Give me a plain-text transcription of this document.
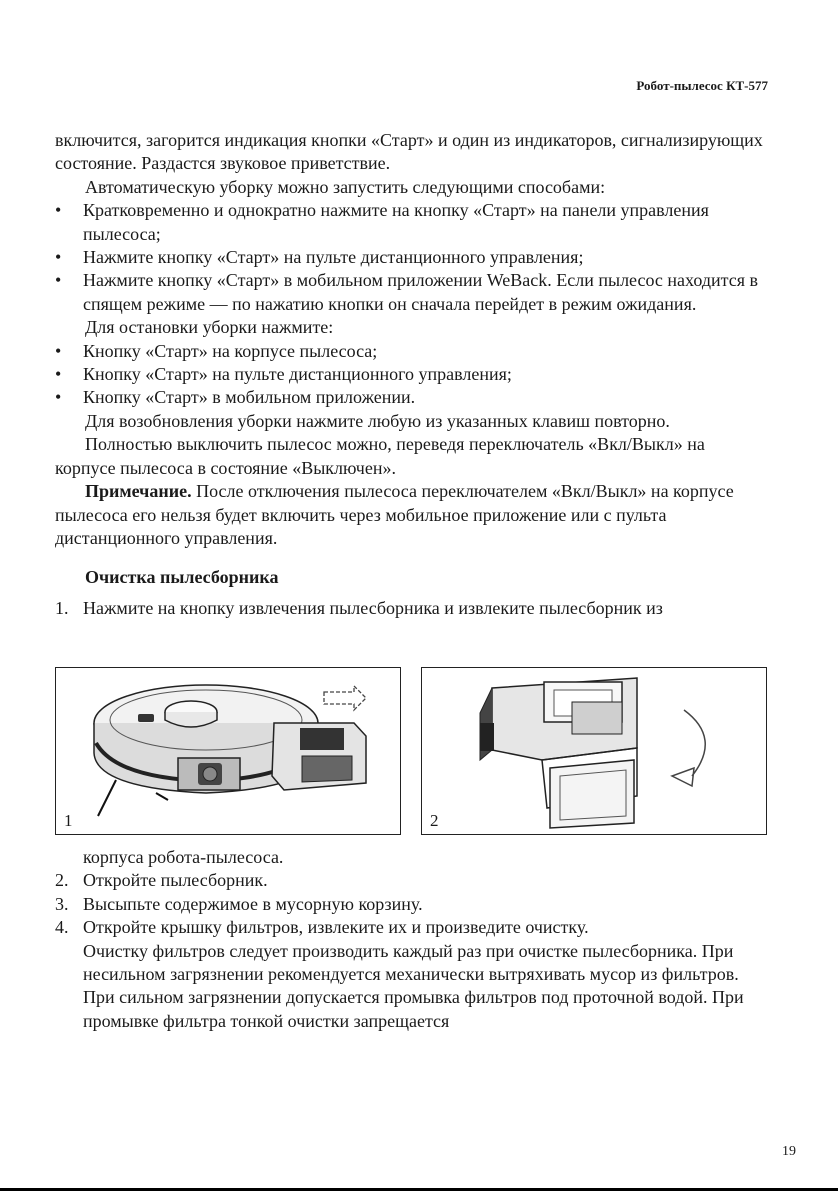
Робот-пылесос КТ-577

включится, загорится индикация кнопки «Старт» и один из индикаторов, сигнализирующих состояние. Раздастся звуковое приветствие.

Автоматическую уборку можно запустить следующими способами:

• Кратковременно и однократно нажмите на кнопку «Старт» на панели управления пылесоса;
• Нажмите кнопку «Старт» на пульте дистанционного управления;
• Нажмите кнопку «Старт» в мобильном приложении WeBack. Если пылесос находится в спящем режиме — по нажатию кнопки он сначала перейдет в режим ожидания.

Для остановки уборки нажмите:

• Кнопку «Старт» на корпусе пылесоса;
• Кнопку «Старт» на пульте дистанционного управления;
• Кнопку «Старт» в мобильном приложении.

Для возобновления уборки нажмите любую из указанных клавиш повторно.

Полностью выключить пылесос можно, переведя переключатель «Вкл/Выкл» на корпусе пылесоса в состояние «Выключен».

Примечание. После отключения пылесоса переключателем «Вкл/Выкл» на корпусе пылесоса его нельзя будет включить через мобильное приложение или с пульта дистанционного управления.

Очистка пылесборника

1. Нажмите на кнопку извлечения пылесборника и извлеките пылесборник из
1	2
корпуса робота-пылесоса.
2. Откройте пылесборник.
3. Высыпьте содержимое в мусорную корзину.
4. Откройте крышку фильтров, извлеките их и произведите очистку.
Очистку фильтров следует производить каждый раз при очистке пылесборника. При несильном загрязнении рекомендуется механически вытряхивать мусор из фильтров. При сильном загрязнении допускается промывка фильтров под проточной водой. При промывке фильтра тонкой очистки запрещается
19
